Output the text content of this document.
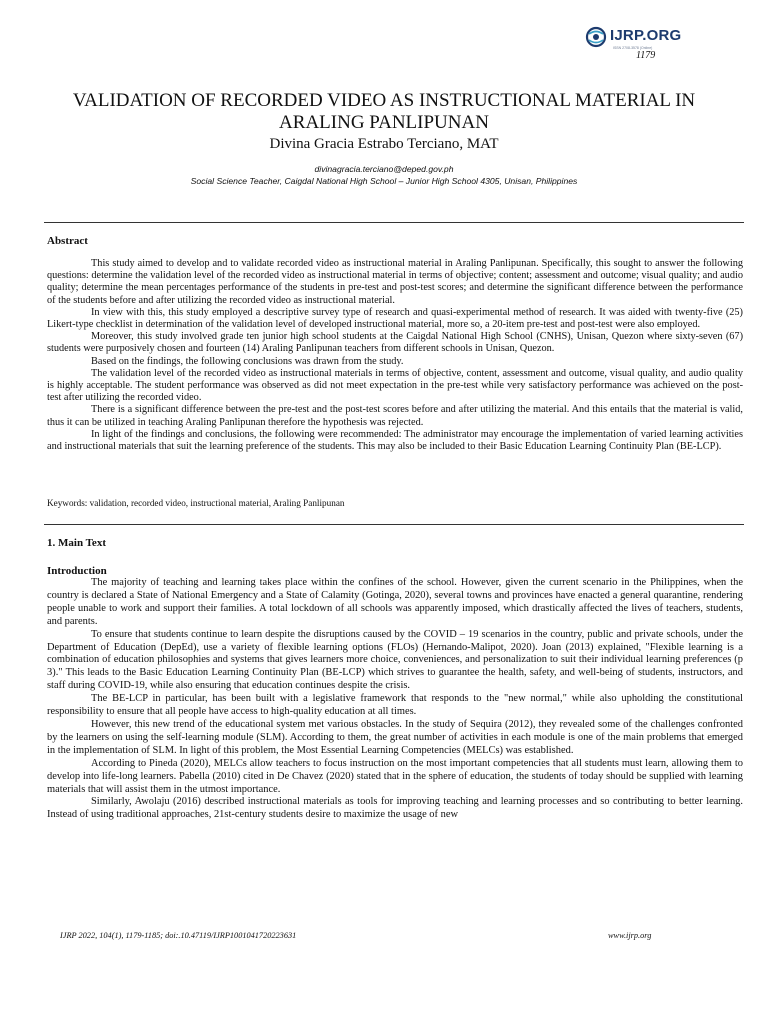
IJRP.ORG
ISSN 2708-3578 (Online)
1179
VALIDATION OF RECORDED VIDEO AS INSTRUCTIONAL MATERIAL IN ARALING PANLIPUNAN
Divina Gracia Estrabo Terciano, MAT
divinagracia.terciano@deped.gov.ph
Social Science Teacher, Caigdal National High School – Junior High School 4305, Unisan, Philippines
Abstract

This study aimed to develop and to validate recorded video as instructional material in Araling Panlipunan. Specifically, this sought to answer the following questions: determine the validation level of the recorded video as instructional material in terms of objective; content; assessment and outcome; visual quality; and audio quality; determine the mean percentages performance of the students in pre-test and post-test scores; and determine the significant difference between the performance of the students before and after utilizing the recorded video as instructional material.

In view with this, this study employed a descriptive survey type of research and quasi-experimental method of research. It was aided with twenty-five (25) Likert-type checklist in determination of the validation level of developed instructional material, more so, a 20-item pre-test and post-test were also employed.

Moreover, this study involved grade ten junior high school students at the Caigdal National High School (CNHS), Unisan, Quezon where sixty-seven (67) students were purposively chosen and fourteen (14) Araling Panlipunan teachers from different schools in Unisan, Quezon.

Based on the findings, the following conclusions was drawn from the study.

The validation level of the recorded video as instructional materials in terms of objective, content, assessment and outcome, visual quality, and audio quality is highly acceptable. The student performance was observed as did not meet expectation in the pre-test while very satisfactory performance was achieved on the post-test after utilizing the recorded video.

There is a significant difference between the pre-test and the post-test scores before and after utilizing the material. And this entails that the material is valid, thus it can be utilized in teaching Araling Panlipunan therefore the hypothesis was rejected.

In light of the findings and conclusions, the following were recommended: The administrator may encourage the implementation of varied learning activities and instructional materials that suit the learning preference of the students. This may also be included to their Basic Education Learning Continuity Plan (BE-LCP).

Keywords: validation, recorded video, instructional material, Araling Panlipunan
1. Main Text
Introduction

The majority of teaching and learning takes place within the confines of the school. However, given the current scenario in the Philippines, when the country is declared a State of National Emergency and a State of Calamity (Gotinga, 2020), several towns and provinces have enacted a general quarantine, rendering people unable to work and support their families. A total lockdown of all schools was apparently imposed, which drastically affected the lives of teachers, students, and parents.

To ensure that students continue to learn despite the disruptions caused by the COVID – 19 scenarios in the country, public and private schools, under the Department of Education (DepEd), use a variety of flexible learning options (FLOs) (Hernando-Malipot, 2020). Joan (2013) explained, "Flexible learning is a combination of education philosophies and systems that gives learners more choice, conveniences, and personalization to suit their individual learning preferences (p 3)." This leads to the Basic Education Learning Continuity Plan (BE-LCP) which strives to guarantee the health, safety, and well-being of students, instructors, and staff during COVID-19, while also ensuring that education continues despite the crisis.

The BE-LCP in particular, has been built with a legislative framework that responds to the "new normal," while also upholding the constitutional responsibility to ensure that all people have access to high-quality education at all times.

However, this new trend of the educational system met various obstacles. In the study of Sequira (2012), they revealed some of the challenges confronted by the learners on using the self-learning module (SLM). According to them, the great number of activities in each module is one of the main problems that emerged in the implementation of SLM. In light of this problem, the Most Essential Learning Competencies (MELCs) was established.

According to Pineda (2020), MELCs allow teachers to focus instruction on the most important competencies that all students must learn, allowing them to develop into life-long learners. Pabella (2010) cited in De Chavez (2020) stated that in the sphere of education, the students of today should be supplied with learning materials that will assist them in the utmost importance.

Similarly, Awolaju (2016) described instructional materials as tools for improving teaching and learning processes and so contributing to better learning. Instead of using traditional approaches, 21st-century students desire to maximize the usage of new

IJRP 2022, 104(1), 1179-1185; doi:.10.47119/IJRP1001041720223631	www.ijrp.org
